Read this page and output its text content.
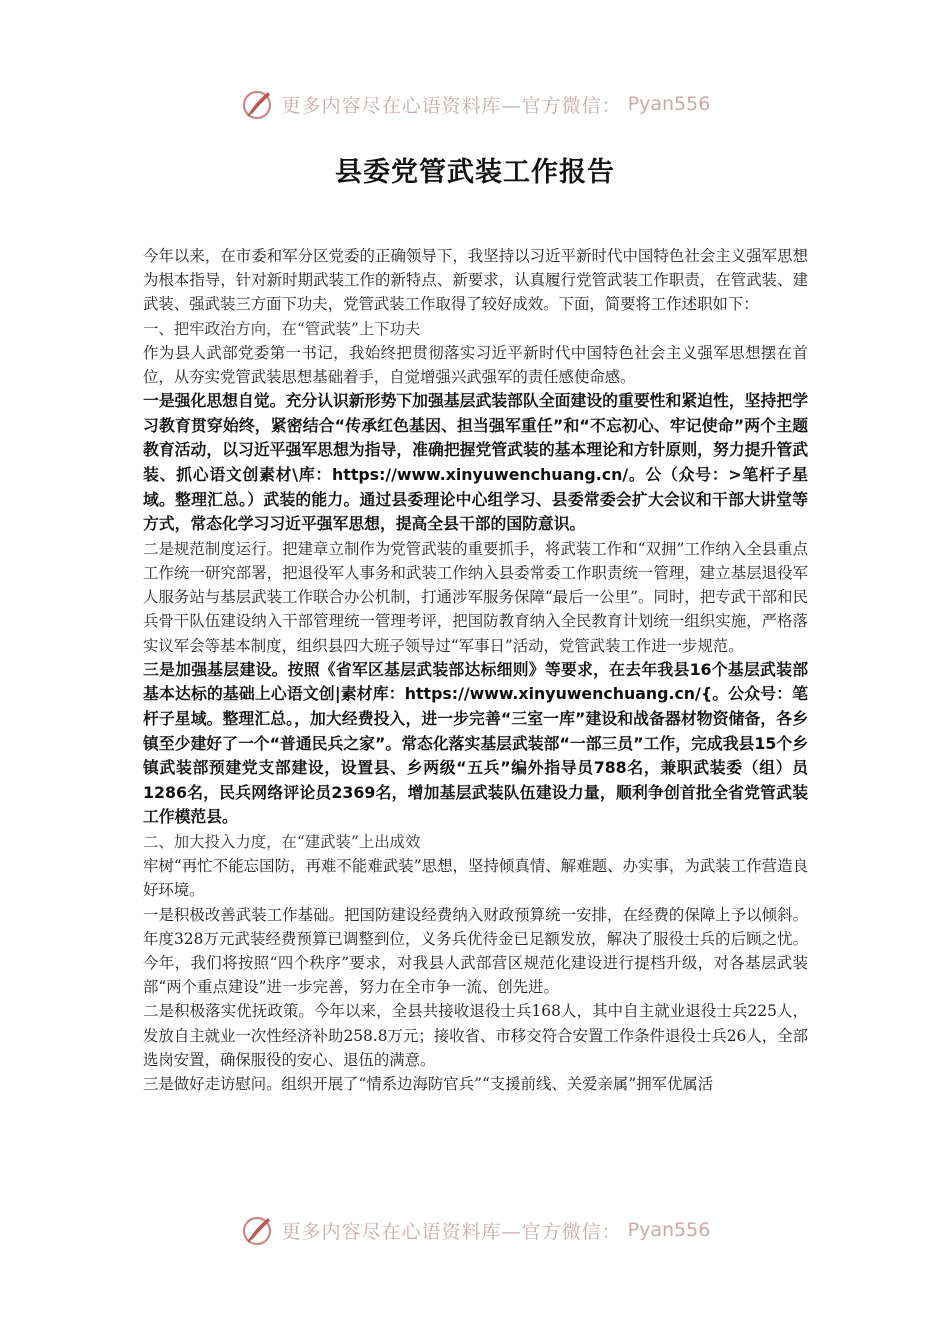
更多内容尽在心语资料库—官方微信： Pyan556
县委党管武装工作报告

今年以来，在市委和军分区党委的正确领导下，我坚持以习近平新时代中国特色社会主义强军思想为根本指导，针对新时期武装工作的新特点、新要求，认真履行党管武装工作职责，在管武装、建武装、强武装三方面下功夫，党管武装工作取得了较好成效。下面，简要将工作述职如下：

一、把牢政治方向，在“管武装”上下功夫

作为县人武部党委第一书记，我始终把贯彻落实习近平新时代中国特色社会主义强军思想摆在首位，从夯实党管武装思想基础着手，自觉增强兴武强军的责任感使命感。

一是强化思想自觉。充分认识新形势下加强基层武装部队全面建设的重要性和紧迫性，坚持把学习教育贯穿始终，紧密结合“传承红色基因、担当强军重任”和“不忘初心、牢记使命”两个主题教育活动，以习近平强军思想为指导，准确把握党管武装的基本理论和方针原则，努力提升管武装、抓心语文创素材\库：https://www.xinyuwenchuang.cn/。公（众号：>笔杆子星域。整理汇总。）武装的能力。通过县委理论中心组学习、县委常委会扩大会议和干部大讲堂等方式，常态化学习习近平强军思想，提高全县干部的国防意识。

二是规范制度运行。把建章立制作为党管武装的重要抓手，将武装工作和“双拥”工作纳入全县重点工作统一研究部署，把退役军人事务和武装工作纳入县委常委工作职责统一管理，建立基层退役军人服务站与基层武装工作联合办公机制，打通涉军服务保障“最后一公里”。同时，把专武干部和民兵骨干队伍建设纳入干部管理统一管理考评，把国防教育纳入全民教育计划统一组织实施，严格落实议军会等基本制度，组织县四大班子领导过“军事日”活动，党管武装工作进一步规范。

三是加强基层建设。按照《省军区基层武装部达标细则》等要求，在去年我县16个基层武装部基本达标的基础上心语文创|素材库：https://www.xinyuwenchuang.cn/{。公众号：笔杆子星域。整理汇总。，加大经费投入，进一步完善“三室一库”建设和战备器材物资储备，各乡镇至少建好了一个“普通民兵之家”。常态化落实基层武装部“一部三员”工作，完成我县15个乡镇武装部预建党支部建设，设置县、乡两级“五兵”编外指导员788名，兼职武装委（组）员1286名，民兵网络评论员2369名，增加基层武装队伍建设力量，顺利争创首批全省党管武装工作模范县。

二、加大投入力度，在“建武装”上出成效

牢树“再忙不能忘国防，再难不能难武装”思想，坚持倾真情、解难题、办实事，为武装工作营造良好环境。

一是积极改善武装工作基础。把国防建设经费纳入财政预算统一安排，在经费的保障上予以倾斜。年度328万元武装经费预算已调整到位，义务兵优待金已足额发放，解决了服役士兵的后顾之忧。今年，我们将按照“四个秩序”要求，对我县人武部营区规范化建设进行提档升级，对各基层武装部“两个重点建设”进一步完善，努力在全市争一流、创先进。

二是积极落实优抚政策。今年以来，全县共接收退役士兵168人，其中自主就业退役士兵225人，发放自主就业一次性经济补助258.8万元；接收省、市移交符合安置工作条件退役士兵26人，全部选岗安置，确保服役的安心、退伍的满意。

三是做好走访慰问。组织开展了“情系边海防官兵”“支援前线、关爱亲属”拥军优属活

更多内容尽在心语资料库—官方微信： Pyan556
